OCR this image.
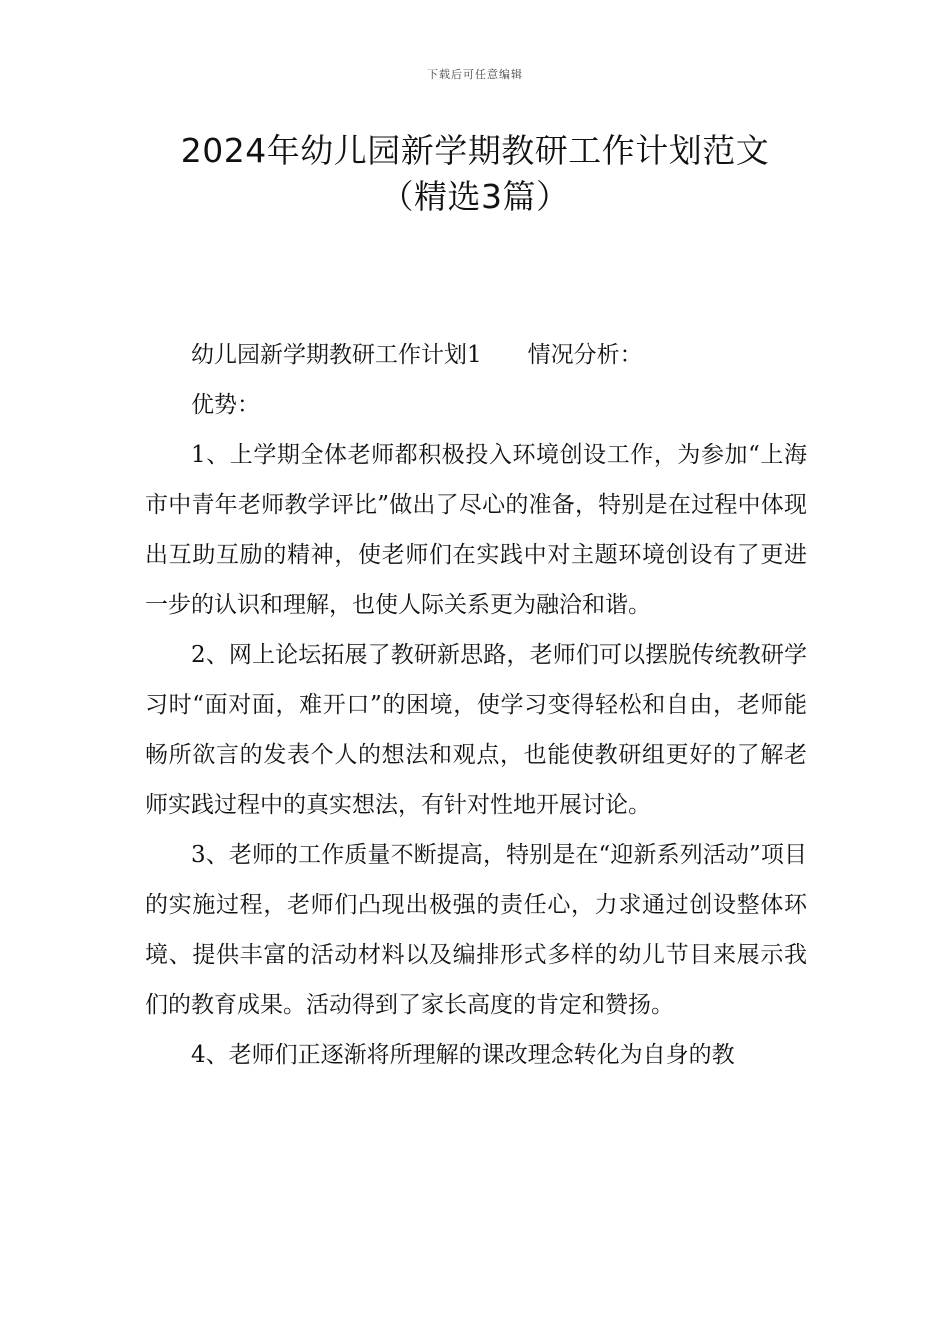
下载后可任意编辑
2024年幼儿园新学期教研工作计划范文
（精选3篇）

幼儿园新学期教研工作计划1 情况分析：

优势：

1、上学期全体老师都积极投入环境创设工作，为参加“上海市中青年老师教学评比”做出了尽心的准备，特别是在过程中体现出互助互励的精神，使老师们在实践中对主题环境创设有了更进一步的认识和理解，也使人际关系更为融洽和谐。

2、网上论坛拓展了教研新思路，老师们可以摆脱传统教研学习时“面对面，难开口”的困境，使学习变得轻松和自由，老师能畅所欲言的发表个人的想法和观点，也能使教研组更好的了解老师实践过程中的真实想法，有针对性地开展讨论。

3、老师的工作质量不断提高，特别是在“迎新系列活动”项目的实施过程，老师们凸现出极强的责任心，力求通过创设整体环境、提供丰富的活动材料以及编排形式多样的幼儿节目来展示我们的教育成果。活动得到了家长高度的肯定和赞扬。

4、老师们正逐渐将所理解的课改理念转化为自身的教
